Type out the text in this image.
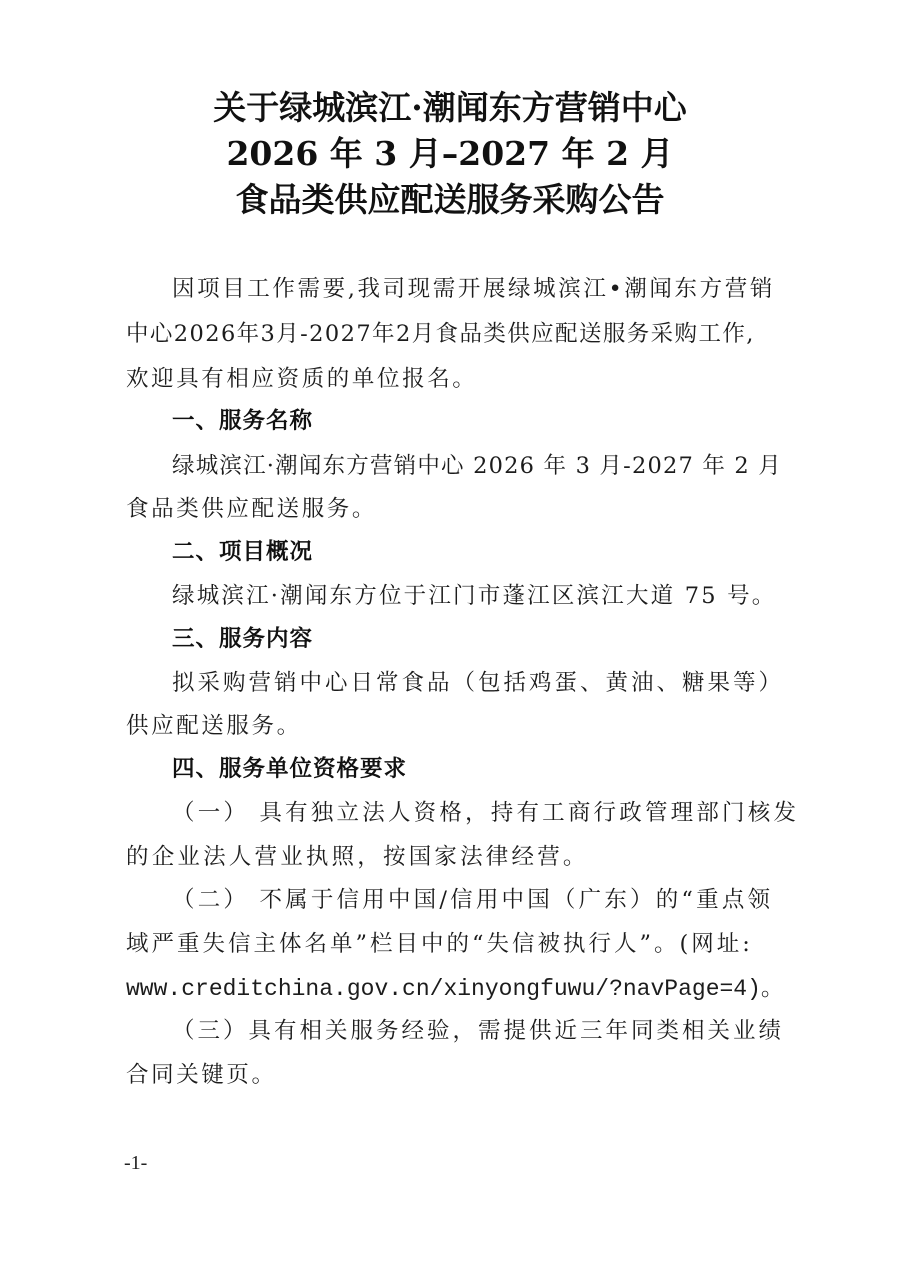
关于绿城滨江·潮闻东方营销中心
2026 年 3 月–2027 年 2 月
食品类供应配送服务采购公告
因项目工作需要,我司现需开展绿城滨江•潮闻东方营销
中心2026年3月-2027年2月食品类供应配送服务采购工作,
欢迎具有相应资质的单位报名。
一、服务名称
绿城滨江·潮闻东方营销中心 2026 年 3 月-2027 年 2 月
食品类供应配送服务。
二、项目概况
绿城滨江·潮闻东方位于江门市蓬江区滨江大道 75 号。
三、服务内容
拟采购营销中心日常食品（包括鸡蛋、黄油、糖果等）
供应配送服务。
四、服务单位资格要求
（一） 具有独立法人资格，持有工商行政管理部门核发
的企业法人营业执照，按国家法律经营。
（二） 不属于信用中国/信用中国（广东）的“重点领
域严重失信主体名单”栏目中的“失信被执行人”。(网址:
www.creditchina.gov.cn/xinyongfuwu/?navPage=4)。
（三）具有相关服务经验，需提供近三年同类相关业绩
合同关键页。
-1-
